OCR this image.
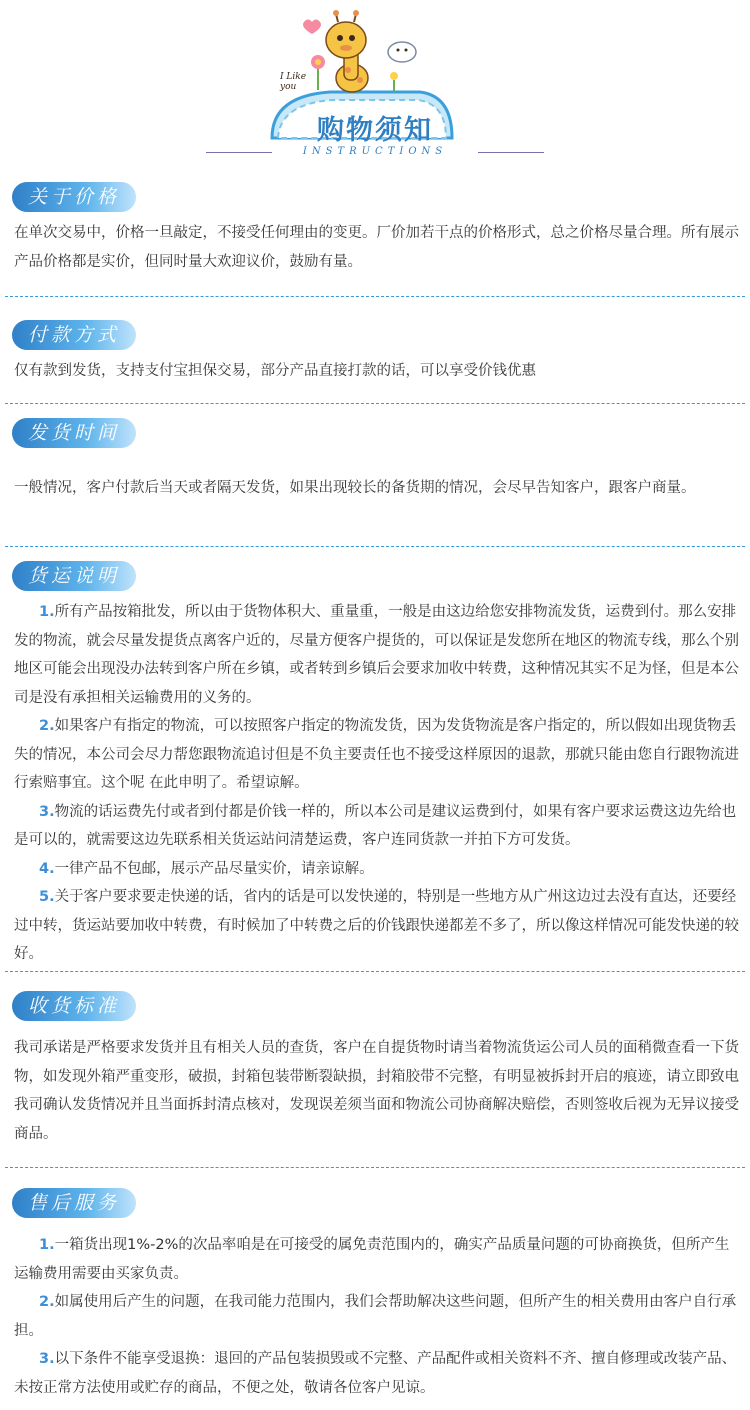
I Like you
购物须知
INSTRUCTIONS
关于价格

在单次交易中，价格一旦敲定，不接受任何理由的变更。厂价加若干点的价格形式，总之价格尽量合理。所有展示产品价格都是实价，但同时量大欢迎议价，鼓励有量。

付款方式

仅有款到发货，支持支付宝担保交易，部分产品直接打款的话，可以享受价钱优惠

发货时间

一般情况，客户付款后当天或者隔天发货，如果出现较长的备货期的情况，会尽早告知客户，跟客户商量。

货运说明

1.所有产品按箱批发，所以由于货物体积大、重量重，一般是由这边给您安排物流发货，运费到付。那么安排发的物流，就会尽量发提货点离客户近的，尽量方便客户提货的，可以保证是发您所在地区的物流专线，那么个别地区可能会出现没办法转到客户所在乡镇，或者转到乡镇后会要求加收中转费，这种情况其实不足为怪，但是本公司是没有承担相关运输费用的义务的。

2.如果客户有指定的物流，可以按照客户指定的物流发货，因为发货物流是客户指定的，所以假如出现货物丢失的情况，本公司会尽力帮您跟物流追讨但是不负主要责任也不接受这样原因的退款，那就只能由您自行跟物流进行索赔事宜。这个呢 在此申明了。希望谅解。

3.物流的话运费先付或者到付都是价钱一样的，所以本公司是建议运费到付，如果有客户要求运费这边先给也是可以的，就需要这边先联系相关货运站问清楚运费，客户连同货款一并拍下方可发货。

4.一律产品不包邮，展示产品尽量实价，请亲谅解。

5.关于客户要求要走快递的话，省内的话是可以发快递的，特别是一些地方从广州这边过去没有直达，还要经过中转，货运站要加收中转费，有时候加了中转费之后的价钱跟快递都差不多了，所以像这样情况可能发快递的较好。

收货标准

我司承诺是严格要求发货并且有相关人员的查货，客户在自提货物时请当着物流货运公司人员的面稍微查看一下货物，如发现外箱严重变形，破损，封箱包装带断裂缺损，封箱胶带不完整，有明显被拆封开启的痕迹，请立即致电我司确认发货情况并且当面拆封清点核对，发现误差须当面和物流公司协商解决赔偿，否则签收后视为无异议接受商品。

售后服务

1.一箱货出现1%-2%的次品率咱是在可接受的属免责范围内的，确实产品质量问题的可协商换货，但所产生运输费用需要由买家负责。

2.如属使用后产生的问题，在我司能力范围内，我们会帮助解决这些问题，但所产生的相关费用由客户自行承担。

3.以下条件不能享受退换：退回的产品包装损毁或不完整、产品配件或相关资料不齐、擅自修理或改装产品、未按正常方法使用或贮存的商品，不便之处，敬请各位客户见谅。
